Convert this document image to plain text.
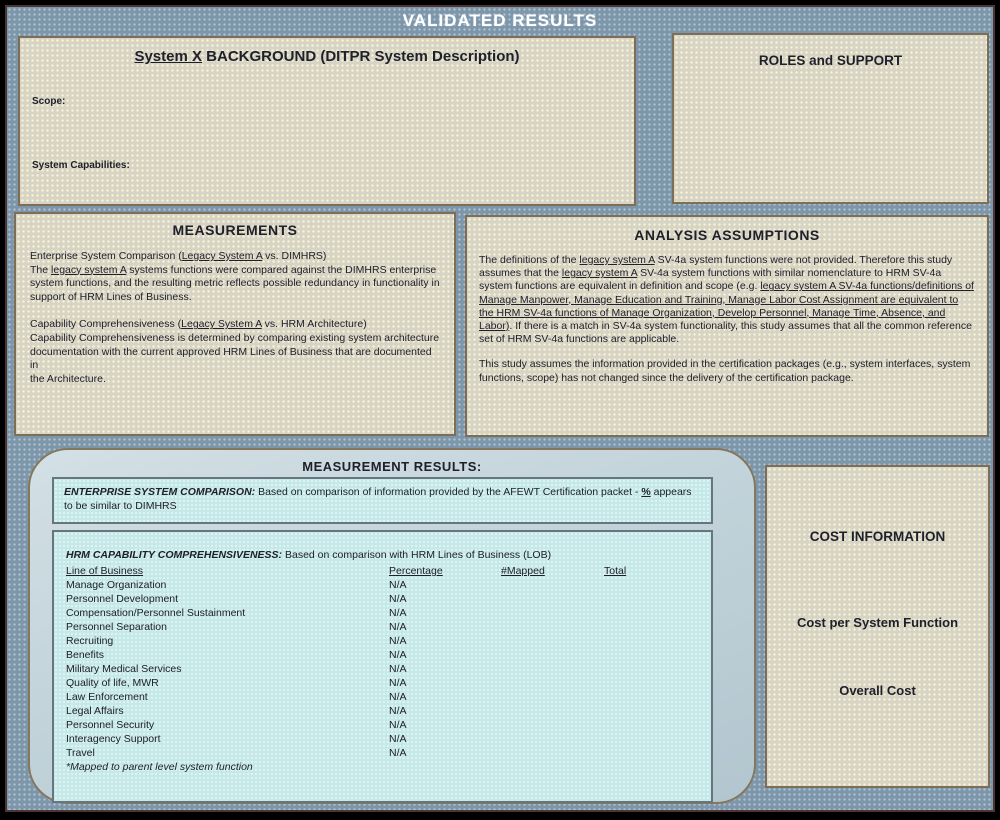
VALIDATED RESULTS
System X BACKGROUND (DITPR System Description)
Scope:
System Capabilities:
ROLES and SUPPORT
MEASUREMENTS
Enterprise System Comparison (Legacy System A vs. DIMHRS)
The legacy system A systems functions were compared against the DIMHRS enterprise system functions, and the resulting metric reflects possible redundancy in functionality in support of HRM Lines of Business.
Capability Comprehensiveness (Legacy System A vs. HRM Architecture)
Capability Comprehensiveness is determined by comparing existing system architecture documentation with the current approved HRM Lines of Business that are documented in
the Architecture.
ANALYSIS ASSUMPTIONS
The definitions of the legacy system A SV-4a system functions were not provided. Therefore this study assumes that the legacy system A SV-4a system functions with similar nomenclature to HRM SV-4a system functions are equivalent in definition and scope (e.g. legacy system A SV-4a functions/definitions of Manage Manpower, Manage Education and Training, Manage Labor Cost Assignment are equivalent to the HRM SV-4a functions of Manage Organization, Develop Personnel, Manage Time, Absence, and Labor). If there is a match in SV-4a system functionality, this study assumes that all the common reference set of HRM SV-4a functions are applicable.
This study assumes the information provided in the certification packages (e.g., system interfaces, system functions, scope) has not changed since the delivery of the certification package.
MEASUREMENT RESULTS:
ENTERPRISE SYSTEM COMPARISON: Based on comparison of information provided by the AFEWT Certification packet - % appears to be similar to DIMHRS
HRM CAPABILITY COMPREHENSIVENESS: Based on comparison with HRM Lines of Business (LOB)
Line of Business	Percentage	#Mapped	Total
Manage Organization	N/A
Personnel Development	N/A
Compensation/Personnel Sustainment	N/A
Personnel Separation	N/A
Recruiting	N/A
Benefits	N/A
Military Medical Services	N/A
Quality of life, MWR	N/A
Law Enforcement	N/A
Legal Affairs	N/A
Personnel Security	N/A
Interagency Support	N/A
Travel	N/A
*Mapped to parent level system function
COST INFORMATION
Cost per System Function
Overall Cost
